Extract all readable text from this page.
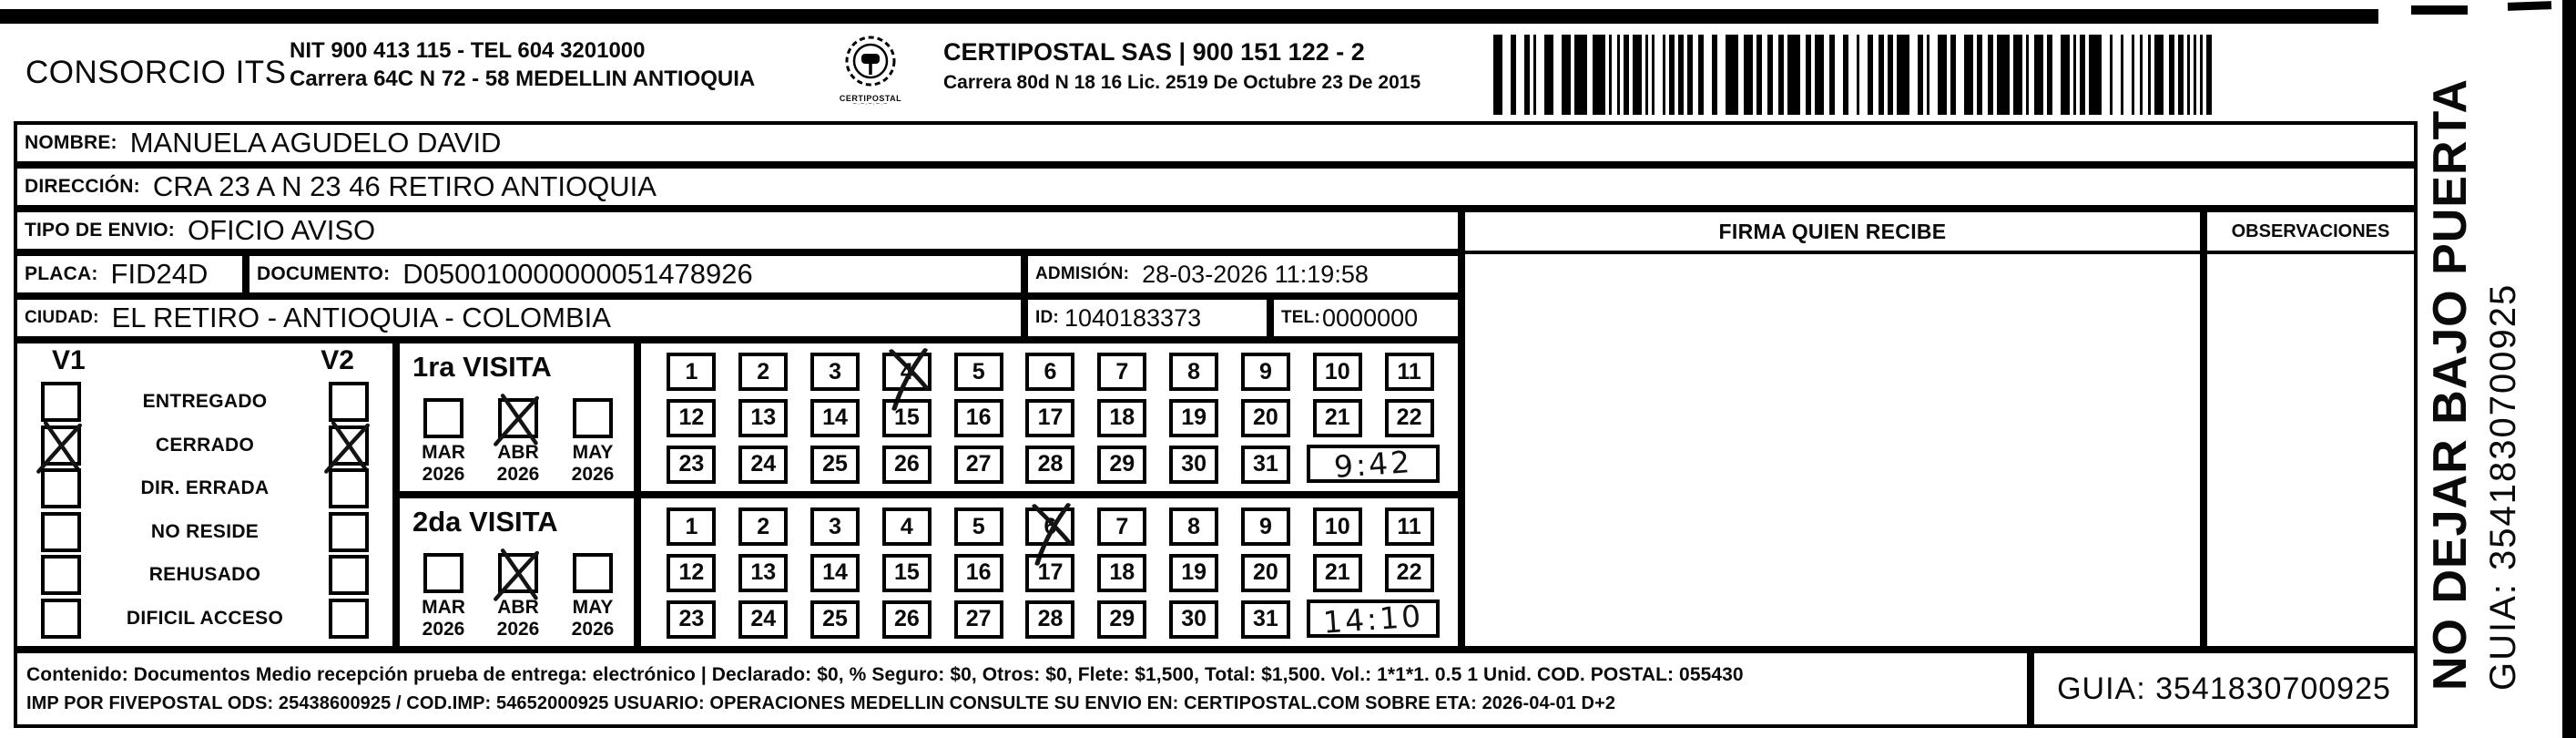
CONSORCIO ITS
NIT 900 413 115 - TEL 604 3201000
Carrera 64C N 72 - 58 MEDELLIN ANTIOQUIA
CERTIPOSTAL
~·~·~·~·~
CERTIPOSTAL SAS | 900 151 122 - 2
Carrera 80d N 18 16 Lic. 2519 De Octubre 23 De 2015
NOMBRE: MANUELA AGUDELO DAVID
DIRECCIÓN: CRA 23 A N 23 46 RETIRO ANTIOQUIA
TIPO DE ENVIO: OFICIO AVISO	FIRMA QUIEN RECIBE	OBSERVACIONES
PLACA: FID24D	DOCUMENTO: D050010000000051478926	ADMISIÓN: 28-03-2026 11:19:58
CIUDAD: EL RETIRO - ANTIOQUIA - COLOMBIA	ID: 1040183373	TEL: 0000000
V1	V2
ENTREGADO
CERRADO
DIR. ERRADA
NO RESIDE
REHUSADO
DIFICIL ACCESO
1ra VISITA
MAR
2026
ABR
2026
MAY
2026
1	2	3	4	5	6	7	8	9 10 11
12 13 14 15 16 17 18 19 20 21 22
23 24 25 26 27 28 29 30 31 9:42
2da VISITA
MAR
2026
ABR
2026
MAY
2026
1	2	3	4	5	6	7	8	9 10 11
12 13 14 15 16 17 18 19 20 21 22
23 24 25 26 27 28 29 30 31 14:10
Contenido: Documentos Medio recepción prueba de entrega: electrónico | Declarado: $0, % Seguro: $0, Otros: $0, Flete: $1,500, Total: $1,500. Vol.: 1*1*1. 0.5 1 Unid. COD. POSTAL: 055430
IMP POR FIVEPOSTAL ODS: 25438600925 / COD.IMP: 54652000925 USUARIO: OPERACIONES MEDELLIN CONSULTE SU ENVIO EN: CERTIPOSTAL.COM SOBRE ETA: 2026-04-01 D+2	GUIA: 3541830700925 NO DEJAR BAJO PUERTA GUIA: 3541830700925
